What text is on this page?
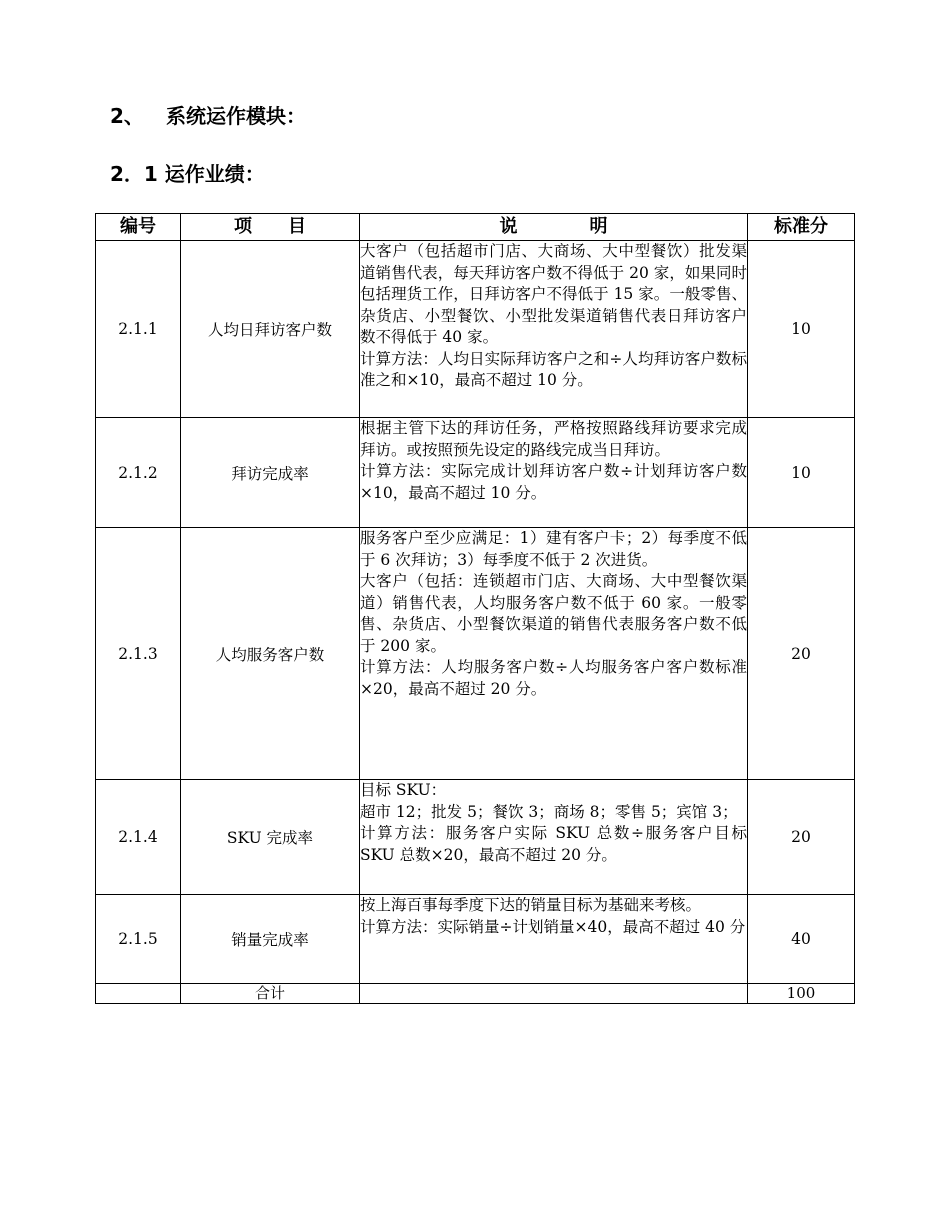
2、 系统运作模块：
2．1 运作业绩：
编号	项　　目	说　　　　明	标准分
2.1.1	人均日拜访客户数	大客户（包括超市门店、大商场、大中型餐饮）批发渠道销售代表，每天拜访客户数不得低于 20 家，如果同时包括理货工作，日拜访客户不得低于 15 家。一般零售、杂货店、小型餐饮、小型批发渠道销售代表日拜访客户数不得低于 40 家。

计算方法：人均日实际拜访客户之和÷人均拜访客户数标准之和×10，最高不超过 10 分。	10
2.1.2	拜访完成率	根据主管下达的拜访任务，严格按照路线拜访要求完成拜访。或按照预先设定的路线完成当日拜访。

计算方法：实际完成计划拜访客户数÷计划拜访客户数×10，最高不超过 10 分。	10
2.1.3	人均服务客户数	服务客户至少应满足：1）建有客户卡；2）每季度不低于 6 次拜访；3）每季度不低于 2 次进货。

大客户（包括：连锁超市门店、大商场、大中型餐饮渠道）销售代表，人均服务客户数不低于 60 家。一般零售、杂货店、小型餐饮渠道的销售代表服务客户数不低于 200 家。

计算方法：人均服务客户数÷人均服务客户客户数标准×20，最高不超过 20 分。	20
2.1.4	SKU 完成率	目标 SKU：

超市 12；批发 5；餐饮 3；商场 8；零售 5；宾馆 3；

计算方法：服务客户实际 SKU 总数÷服务客户目标 SKU 总数×20，最高不超过 20 分。	20
2.1.5	销量完成率	按上海百事每季度下达的销量目标为基础来考核。

计算方法：实际销量÷计划销量×40，最高不超过 40 分	40
	合计		100
